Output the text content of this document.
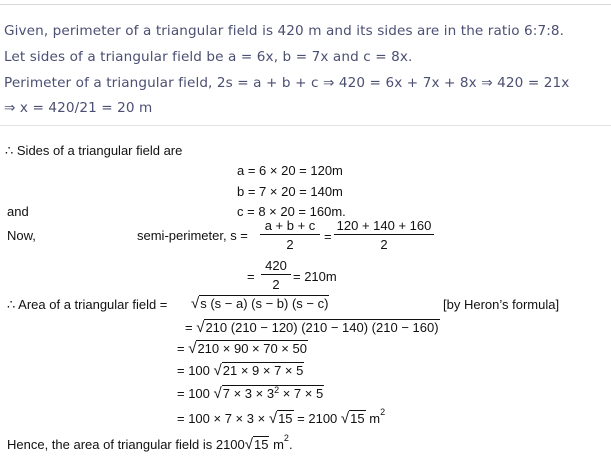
Given, perimeter of a triangular field is 420 m and its sides are in the ratio 6:7:8.
Let sides of a triangular field be a = 6x, b = 7x and c = 8x.
Perimeter of a triangular field, 2s = a + b + c ⇒ 420 = 6x + 7x + 8x ⇒ 420 = 21x
⇒ x = 420/21 = 20 m
∴ Sides of a triangular field are
a = 6 × 20 = 120m
b = 7 × 20 = 140m
and	c = 8 × 20 = 160m.
Now,	semi-perimeter, s =
a + b + c
2
=
120 + 140 + 160
2
=
420
2
= 210m
∴ Area of a triangular field = √s (s − a) (s − b) (s − c)	[by Heron’s formula]
= √210 (210 − 120) (210 − 140) (210 − 160)
= √210 × 90 × 70 × 50
= 100 √21 × 9 × 7 × 5
= 100 $√7 \times 3 \times 3^2 \times 7 \times 5$
= 100 × 7 × 3 × √15 = 2100 √15 $m^2$
Hence, the area of triangular field is 2100√15 $m^2$.
